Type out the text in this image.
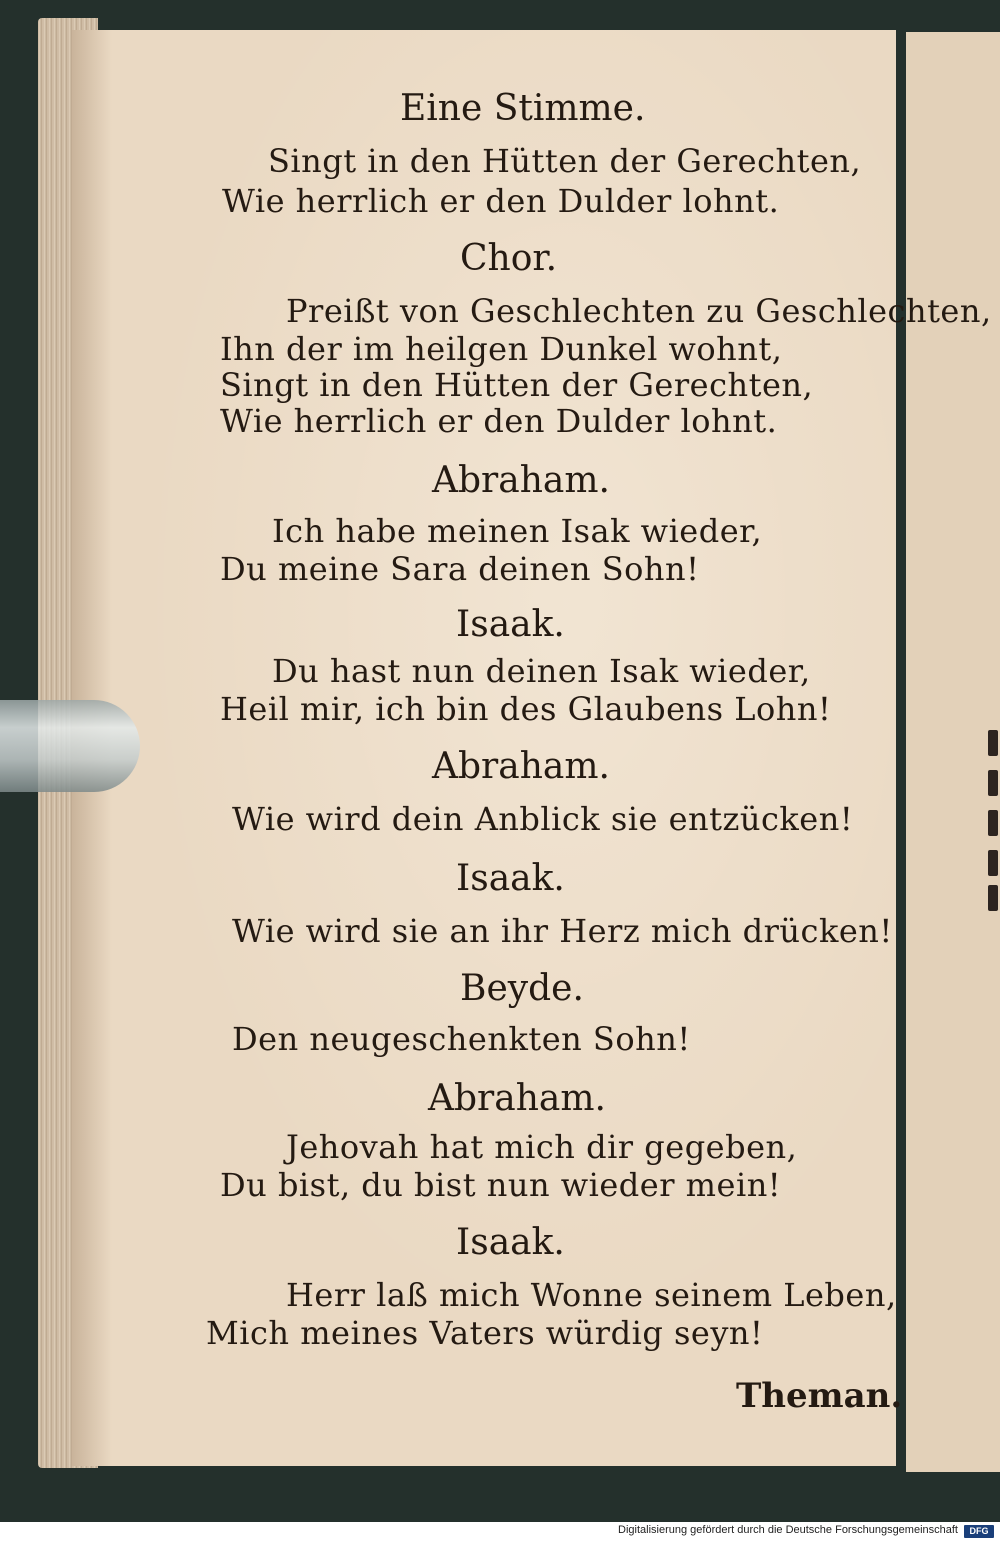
Eine Stimme.
Singt in den Hütten der Gerechten,
Wie herrlich er den Dulder lohnt.
Chor.
Preißt von Geschlechten zu Geschlechten,
Ihn der im heilgen Dunkel wohnt,
Singt in den Hütten der Gerechten,
Wie herrlich er den Dulder lohnt.
Abraham.
Ich habe meinen Isak wieder,
Du meine Sara deinen Sohn!
Isaak.
Du hast nun deinen Isak wieder,
Heil mir, ich bin des Glaubens Lohn!
Abraham.
Wie wird dein Anblick sie entzücken!
Isaak.
Wie wird sie an ihr Herz mich drücken!
Beyde.
Den neugeschenkten Sohn!
Abraham.
Jehovah hat mich dir gegeben,
Du bist, du bist nun wieder mein!
Isaak.
Herr laß mich Wonne seinem Leben,
Mich meines Vaters würdig seyn!
Theman.
Digitalisierung gefördert durch die Deutsche Forschungsgemeinschaft	DFG
